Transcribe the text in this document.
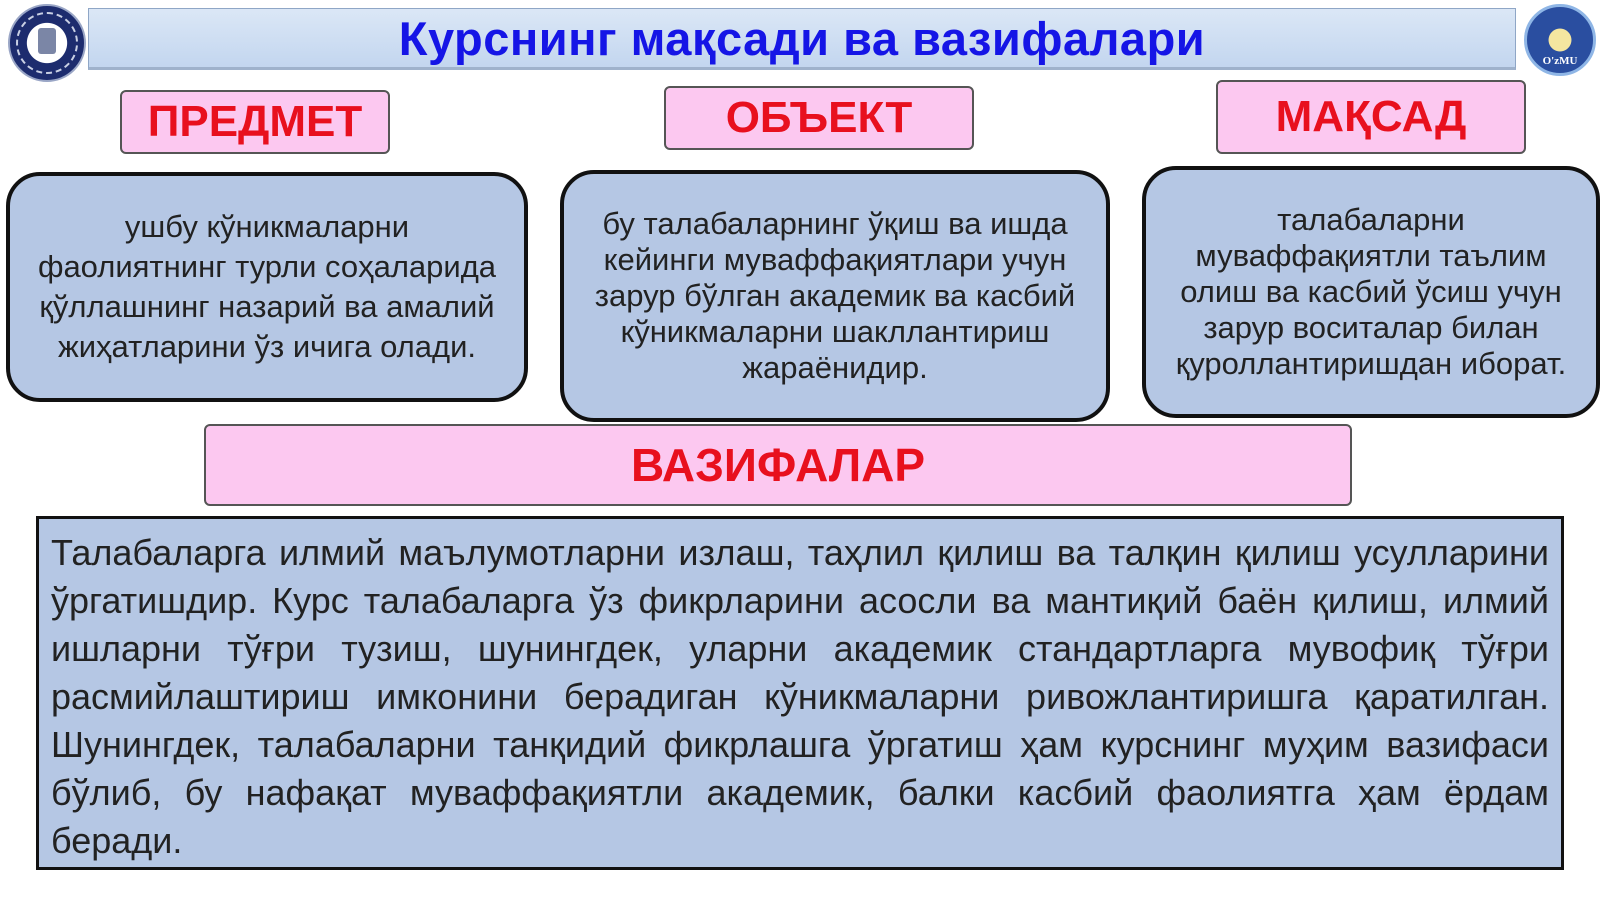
Курснинг мақсади ва вазифалари	O'zMU
ПРЕДМЕТ	ОБЪЕКТ	МАҚСАД
ушбу кўникмаларни фаолиятнинг турли соҳаларида қўллашнинг назарий ва амалий жиҳатларини ўз ичига олади.
бу талабаларнинг ўқиш ва ишда кейинги муваффақиятлари учун зарур бўлган академик ва касбий кўникмаларни шакллантириш жараёнидир.
талабаларни муваффақиятли таълим олиш ва касбий ўсиш учун зарур воситалар билан қуроллантиришдан иборат.
ВАЗИФАЛАР
Талабаларга илмий маълумотларни излаш, таҳлил қилиш ва талқин қилиш усулларини ўргатишдир. Курс талабаларга ўз фикрларини асосли ва мантиқий баён қилиш, илмий ишларни тўғри тузиш, шунингдек, уларни академик стандартларга мувофиқ тўғри расмийлаштириш имконини берадиган кўникмаларни ривожлантиришга қаратилган. Шунингдек, талабаларни танқидий фикрлашга ўргатиш ҳам курснинг муҳим вазифаси бўлиб, бу нафақат муваффақиятли академик, балки касбий фаолиятга ҳам ёрдам беради.
